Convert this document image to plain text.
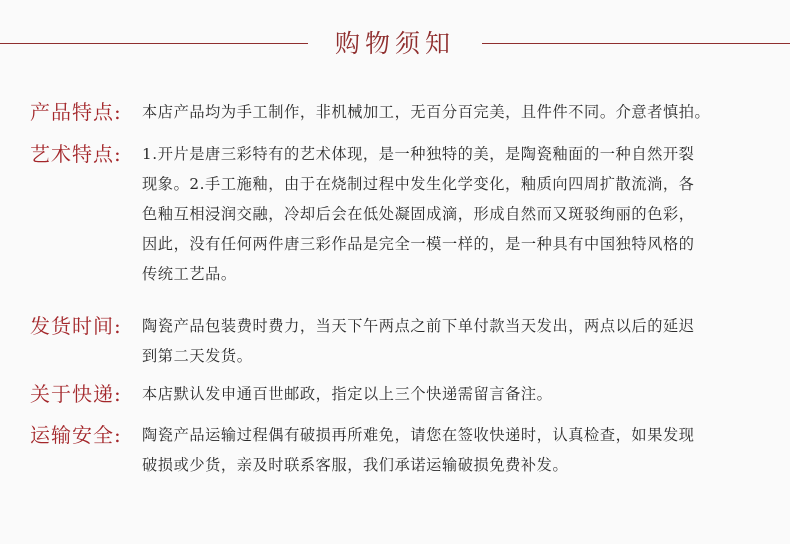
购物须知
产品特点:	本店产品均为手工制作，非机械加工，无百分百完美，且件件不同。介意者慎拍。
艺术特点:	1.开片是唐三彩特有的艺术体现，是一种独特的美，是陶瓷釉面的一种自然开裂
现象。2.手工施釉，由于在烧制过程中发生化学变化，釉质向四周扩散流淌，各
色釉互相浸润交融，冷却后会在低处凝固成滴，形成自然而又斑驳绚丽的色彩，
因此，没有任何两件唐三彩作品是完全一模一样的，是一种具有中国独特风格的
传统工艺品。
发货时间:	陶瓷产品包装费时费力，当天下午两点之前下单付款当天发出，两点以后的延迟
到第二天发货。
关于快递:	本店默认发申通百世邮政，指定以上三个快递需留言备注。
运输安全:	陶瓷产品运输过程偶有破损再所难免，请您在签收快递时，认真检查，如果发现
破损或少货，亲及时联系客服，我们承诺运输破损免费补发。
